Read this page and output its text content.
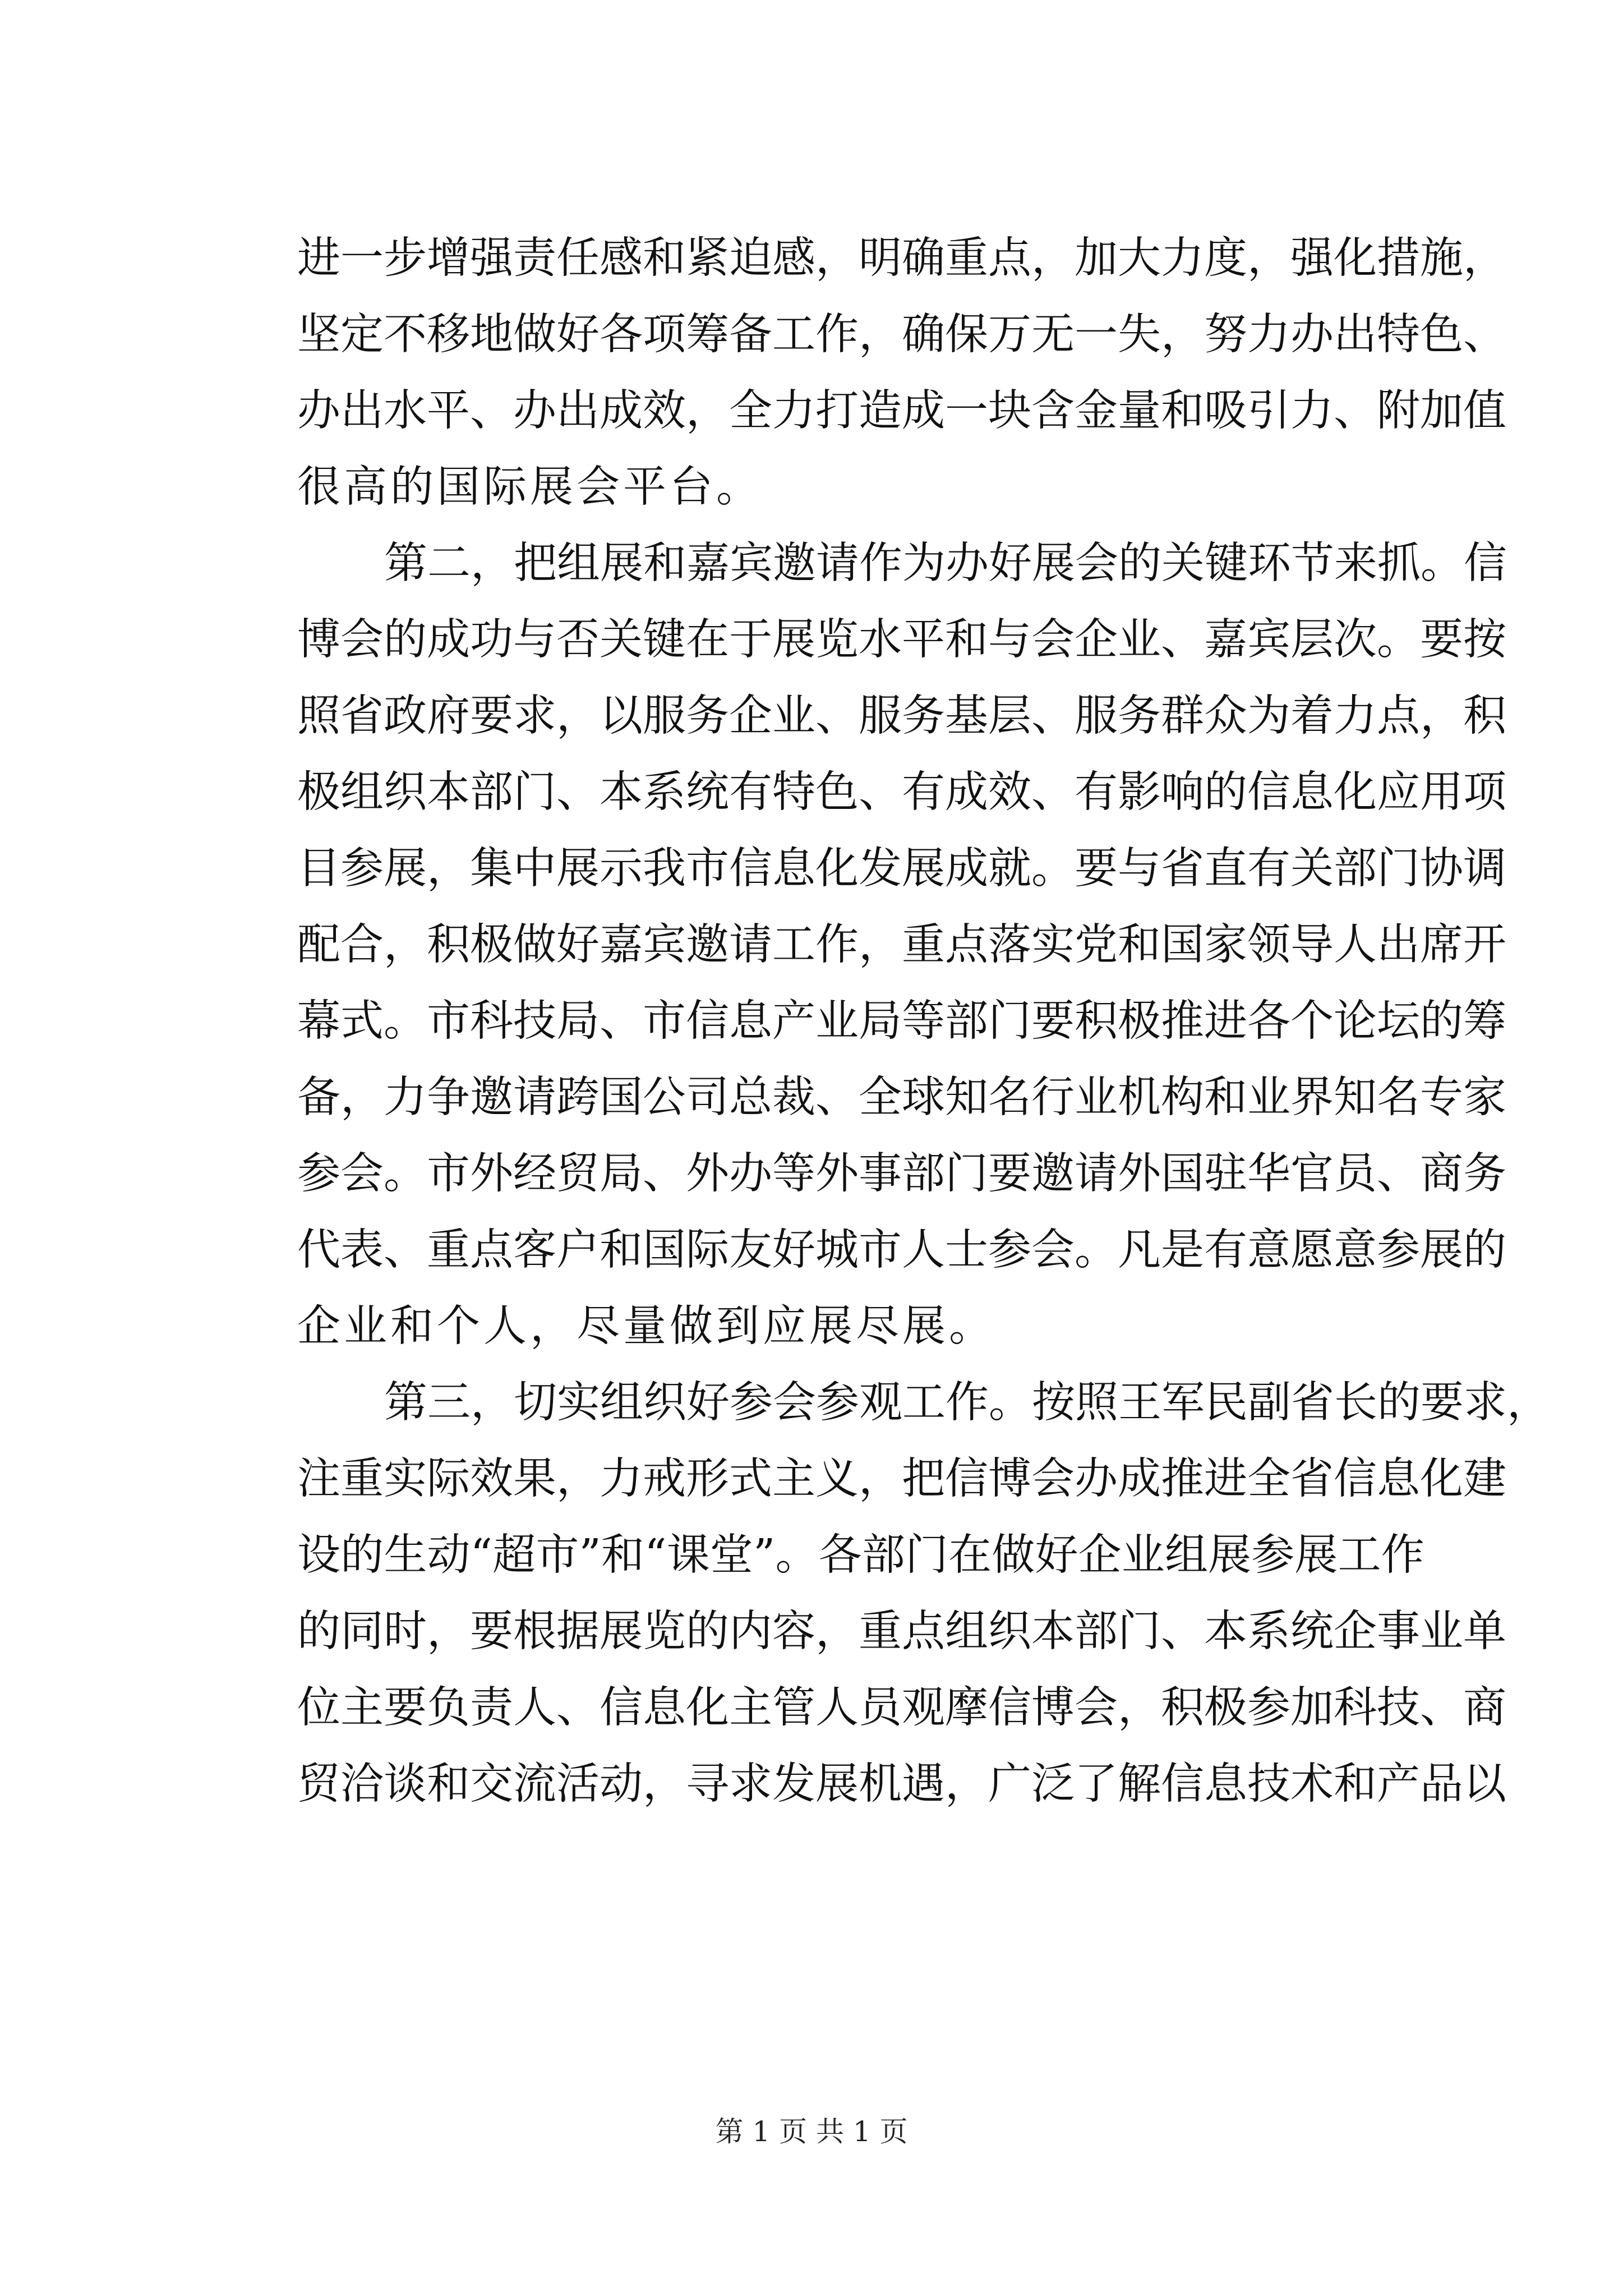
进 一 步 增 强 责 任 感 和 紧 迫 感 ， 明 确 重 点 ， 加 大 力 度 ， 强 化 措 施 ，
坚 定 不 移 地 做 好 各 项 筹 备 工 作 ， 确 保 万 无 一 失 ， 努 力 办 出 特 色 、
办 出 水 平 、 办 出 成 效 ， 全 力 打 造 成 一 块 含 金 量 和 吸 引 力 、 附 加 值
很高的国际展会平台。
第 二 ， 把 组 展 和 嘉 宾 邀 请 作 为 办 好 展 会 的 关 键 环 节 来 抓 。 信
博 会 的 成 功 与 否 关 键 在 于 展 览 水 平 和 与 会 企 业 、 嘉 宾 层 次 。 要 按
照 省 政 府 要 求 ， 以 服 务 企 业 、 服 务 基 层 、 服 务 群 众 为 着 力 点 ， 积
极 组 织 本 部 门 、 本 系 统 有 特 色 、 有 成 效 、 有 影 响 的 信 息 化 应 用 项
目 参 展 ， 集 中 展 示 我 市 信 息 化 发 展 成 就 。 要 与 省 直 有 关 部 门 协 调
配 合 ， 积 极 做 好 嘉 宾 邀 请 工 作 ， 重 点 落 实 党 和 国 家 领 导 人 出 席 开
幕 式 。 市 科 技 局 、 市 信 息 产 业 局 等 部 门 要 积 极 推 进 各 个 论 坛 的 筹
备 ， 力 争 邀 请 跨 国 公 司 总 裁 、 全 球 知 名 行 业 机 构 和 业 界 知 名 专 家
参 会 。 市 外 经 贸 局 、 外 办 等 外 事 部 门 要 邀 请 外 国 驻 华 官 员 、 商 务
代 表 、 重 点 客 户 和 国 际 友 好 城 市 人 士 参 会 。 凡 是 有 意 愿 意 参 展 的
企业和个人，尽量做到应展尽展。
第 三 ， 切 实 组 织 好 参 会 参 观 工 作 。 按 照 王 军 民 副 省 长 的 要 求 ，
注 重 实 际 效 果 ， 力 戒 形 式 主 义 ， 把 信 博 会 办 成 推 进 全 省 信 息 化 建
设 的 生 动 “ 超 市 ” 和 “ 课 堂 ” 。 各 部 门 在 做 好 企 业 组 展 参 展 工 作
的 同 时 ， 要 根 据 展 览 的 内 容 ， 重 点 组 织 本 部 门 、 本 系 统 企 事 业 单
位 主 要 负 责 人 、 信 息 化 主 管 人 员 观 摩 信 博 会 ， 积 极 参 加 科 技 、 商
贸 洽 谈 和 交 流 活 动 ， 寻 求 发 展 机 遇 ， 广 泛 了 解 信 息 技 术 和 产 品 以
第 1 页 共 1 页
